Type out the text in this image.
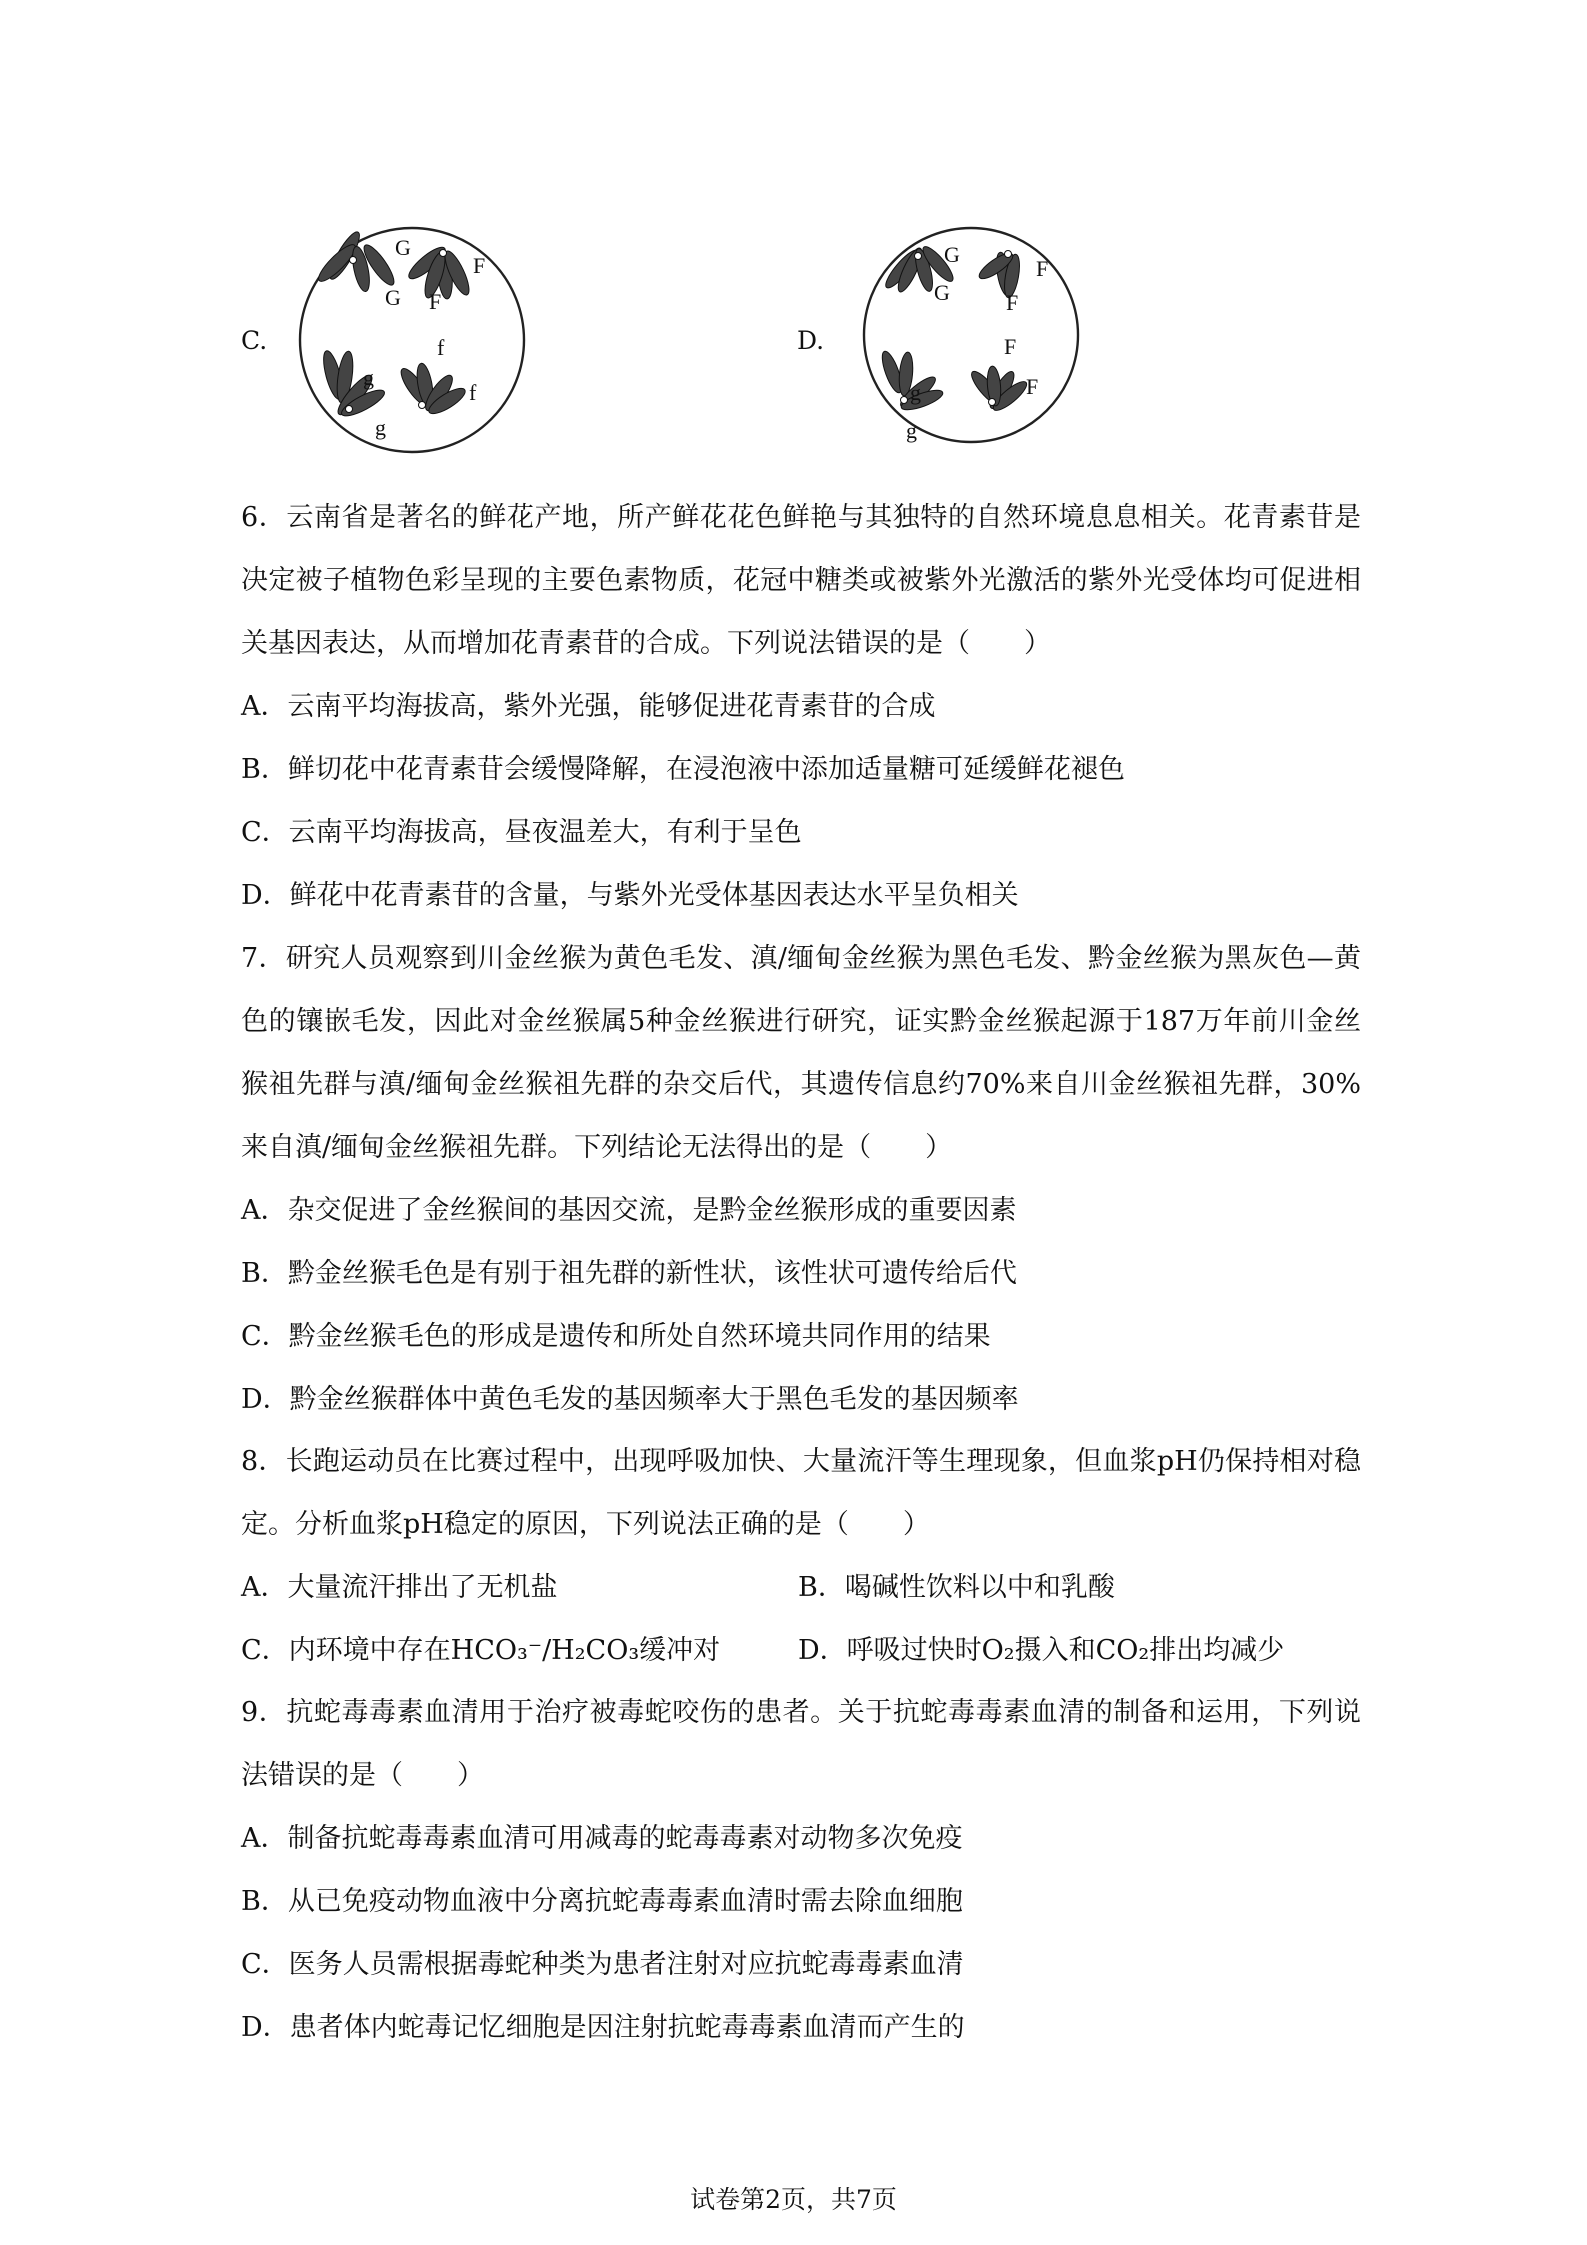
C.
G
G
F
F
g
g
f
f
D.
G
G
F
F
g
g
F
F

6．云南省是著名的鲜花产地，所产鲜花花色鲜艳与其独特的自然环境息息相关。花青素苷是决定被子植物色彩呈现的主要色素物质，花冠中糖类或被紫外光激活的紫外光受体均可促进相关基因表达，从而增加花青素苷的合成。下列说法错误的是（　　）

A．云南平均海拔高，紫外光强，能够促进花青素苷的合成

B．鲜切花中花青素苷会缓慢降解，在浸泡液中添加适量糖可延缓鲜花褪色

C．云南平均海拔高，昼夜温差大，有利于呈色

D．鲜花中花青素苷的含量，与紫外光受体基因表达水平呈负相关

7．研究人员观察到川金丝猴为黄色毛发、滇/缅甸金丝猴为黑色毛发、黔金丝猴为黑灰色—黄色的镶嵌毛发，因此对金丝猴属5种金丝猴进行研究，证实黔金丝猴起源于187万年前川金丝猴祖先群与滇/缅甸金丝猴祖先群的杂交后代，其遗传信息约70%来自川金丝猴祖先群，30%来自滇/缅甸金丝猴祖先群。下列结论无法得出的是（　　）

A．杂交促进了金丝猴间的基因交流，是黔金丝猴形成的重要因素

B．黔金丝猴毛色是有别于祖先群的新性状，该性状可遗传给后代

C．黔金丝猴毛色的形成是遗传和所处自然环境共同作用的结果

D．黔金丝猴群体中黄色毛发的基因频率大于黑色毛发的基因频率

8．长跑运动员在比赛过程中，出现呼吸加快、大量流汗等生理现象，但血浆pH仍保持相对稳定。分析血浆pH稳定的原因，下列说法正确的是（　　）

A．大量流汗排出了无机盐	B．喝碱性饮料以中和乳酸

C．内环境中存在HCO₃⁻/H₂CO₃缓冲对	D．呼吸过快时O₂摄入和CO₂排出均减少

9．抗蛇毒毒素血清用于治疗被毒蛇咬伤的患者。关于抗蛇毒毒素血清的制备和运用，下列说法错误的是（　　）

A．制备抗蛇毒毒素血清可用减毒的蛇毒毒素对动物多次免疫

B．从已免疫动物血液中分离抗蛇毒毒素血清时需去除血细胞

C．医务人员需根据毒蛇种类为患者注射对应抗蛇毒毒素血清

D．患者体内蛇毒记忆细胞是因注射抗蛇毒毒素血清而产生的

试卷第2页，共7页
